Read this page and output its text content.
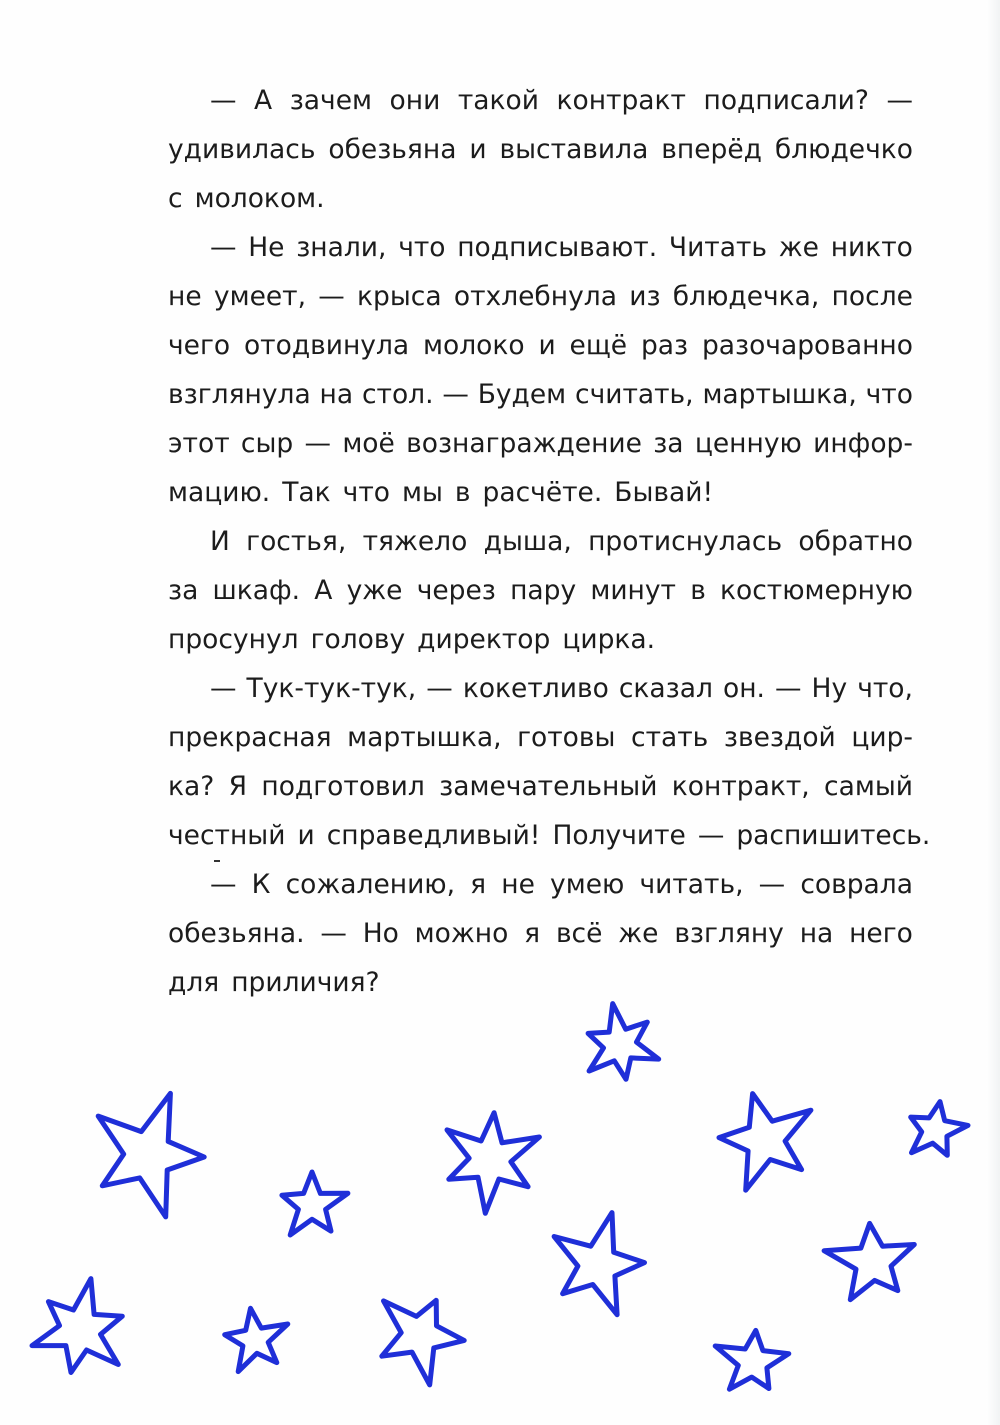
— А зачем они такой контракт подписали? —
удивилась обезьяна и выставила вперёд блюдечко
с молоком.
— Не знали, что подписывают. Читать же никто
не умеет, — крыса отхлебнула из блюдечка, после
чего отодвинула молоко и ещё раз разочарованно
взглянула на стол. — Будем считать, мартышка, что
этот сыр — моё вознаграждение за ценную инфор-
мацию. Так что мы в расчёте. Бывай!
И гостья, тяжело дыша, протиснулась обратно
за шкаф. А уже через пару минут в костюмерную
просунул голову директор цирка.
— Тук-тук-тук, — кокетливо сказал он. — Ну что,
прекрасная мартышка, готовы стать звездой цир-
ка? Я подготовил замечательный контракт, самый
честный и справедливый! Получите — распишитесь.
— К сожалению, я не умею читать, — соврала
обезьяна. — Но можно я всё же взгляну на него
для приличия?
